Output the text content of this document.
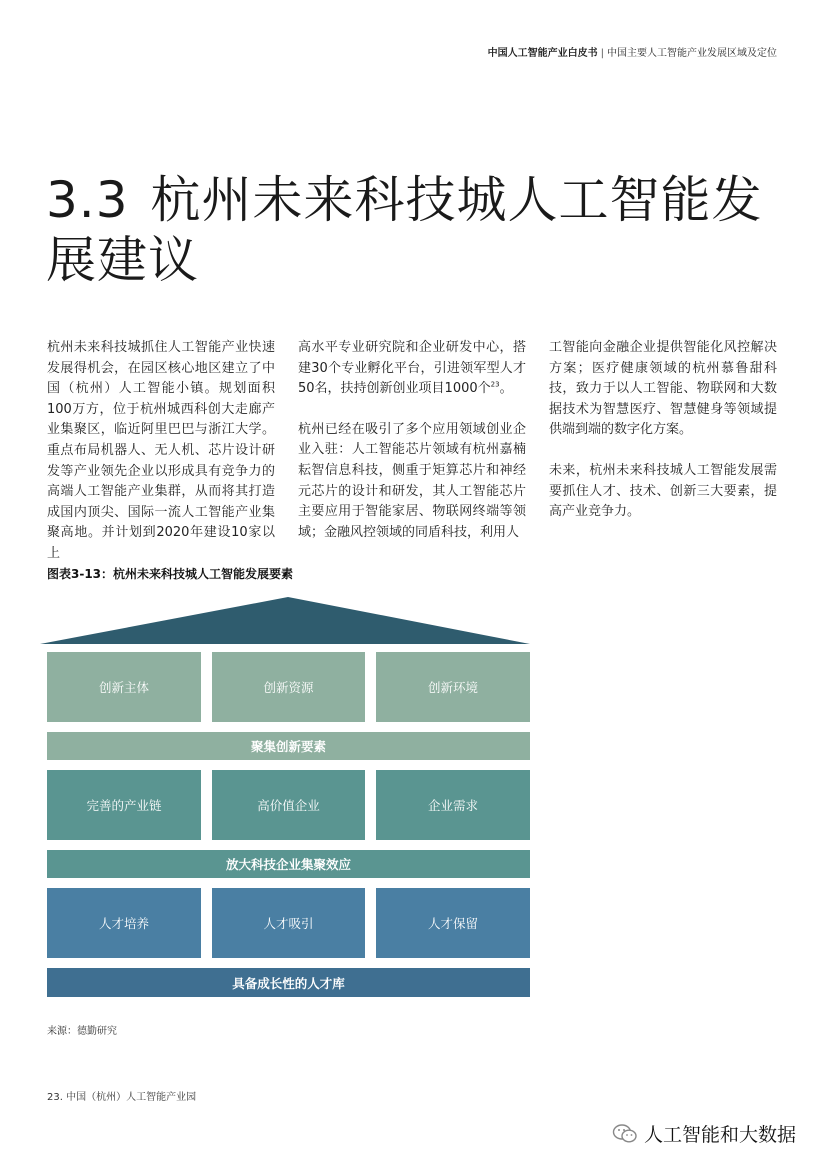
中国人工智能产业白皮书 | 中国主要人工智能产业发展区域及定位
3.3 杭州未来科技城人工智能发展建议

杭州未来科技城抓住人工智能产业快速发展得机会，在园区核心地区建立了中国（杭州）人工智能小镇。规划面积100万方，位于杭州城西科创大走廊产业集聚区，临近阿里巴巴与浙江大学。重点布局机器人、无人机、芯片设计研发等产业领先企业以形成具有竞争力的高端人工智能产业集群，从而将其打造成国内顶尖、国际一流人工智能产业集聚高地。并计划到2020年建设10家以上

高水平专业研究院和企业研发中心，搭建30个专业孵化平台，引进领军型人才50名，扶持创新创业项目1000个$^{23}$。

杭州已经在吸引了多个应用领域创业企业入驻：人工智能芯片领域有杭州嘉楠耘智信息科技，侧重于矩算芯片和神经元芯片的设计和研发，其人工智能芯片主要应用于智能家居、物联网终端等领域；金融风控领域的同盾科技，利用人

工智能向金融企业提供智能化风控解决方案；医疗健康领域的杭州慕鲁甜科技，致力于以人工智能、物联网和大数据技术为智慧医疗、智慧健身等领域提供端到端的数字化方案。

未来，杭州未来科技城人工智能发展需要抓住人才、技术、创新三大要素，提高产业竞争力。

图表3-13：杭州未来科技城人工智能发展要素
创新主体	创新资源	创新环境
聚集创新要素
完善的产业链	高价值企业	企业需求
放大科技企业集聚效应
人才培养	人才吸引	人才保留
具备成长性的人才库
来源：德勤研究
23. 中国（杭州）人工智能产业园
人工智能和大数据
